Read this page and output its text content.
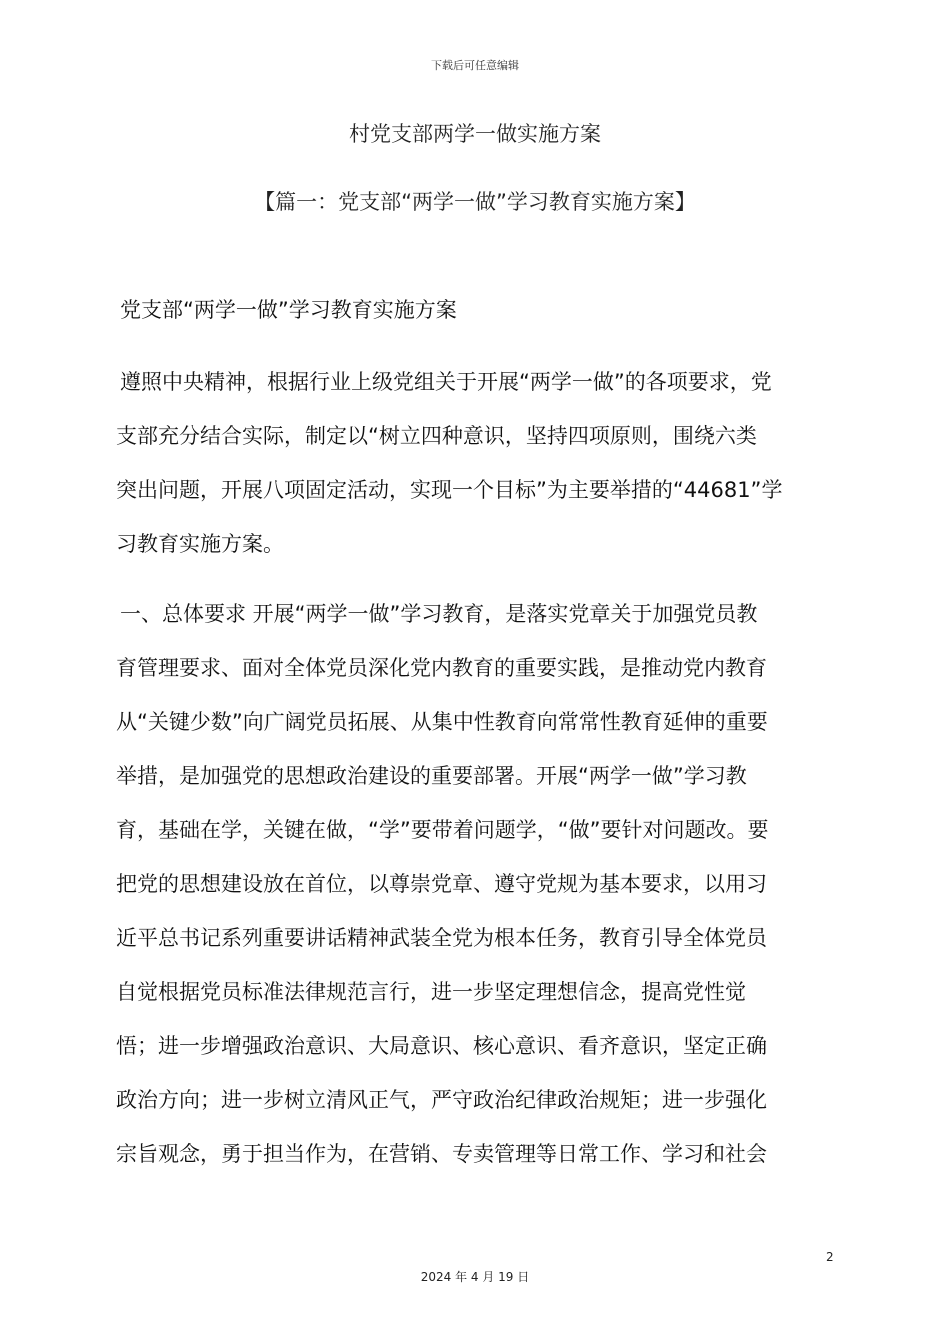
下载后可任意编辑
村党支部两学一做实施方案
【篇一：党支部“两学一做”学习教育实施方案】
党支部“两学一做”学习教育实施方案
遵照中央精神，根据行业上级党组关于开展“两学一做”的各项要求，党
支部充分结合实际，制定以“树立四种意识，坚持四项原则，围绕六类
突出问题，开展八项固定活动，实现一个目标”为主要举措的“44681”学
习教育实施方案。
一、总体要求 开展“两学一做”学习教育，是落实党章关于加强党员教
育管理要求、面对全体党员深化党内教育的重要实践，是推动党内教育
从“关键少数”向广阔党员拓展、从集中性教育向常常性教育延伸的重要
举措，是加强党的思想政治建设的重要部署。开展“两学一做”学习教
育，基础在学，关键在做，“学”要带着问题学，“做”要针对问题改。要
把党的思想建设放在首位，以尊崇党章、遵守党规为基本要求，以用习
近平总书记系列重要讲话精神武装全党为根本任务，教育引导全体党员
自觉根据党员标准法律规范言行，进一步坚定理想信念，提高党性觉
悟；进一步增强政治意识、大局意识、核心意识、看齐意识，坚定正确
政治方向；进一步树立清风正气，严守政治纪律政治规矩；进一步强化
宗旨观念，勇于担当作为，在营销、专卖管理等日常工作、学习和社会
2
2024 年 4 月 19 日
